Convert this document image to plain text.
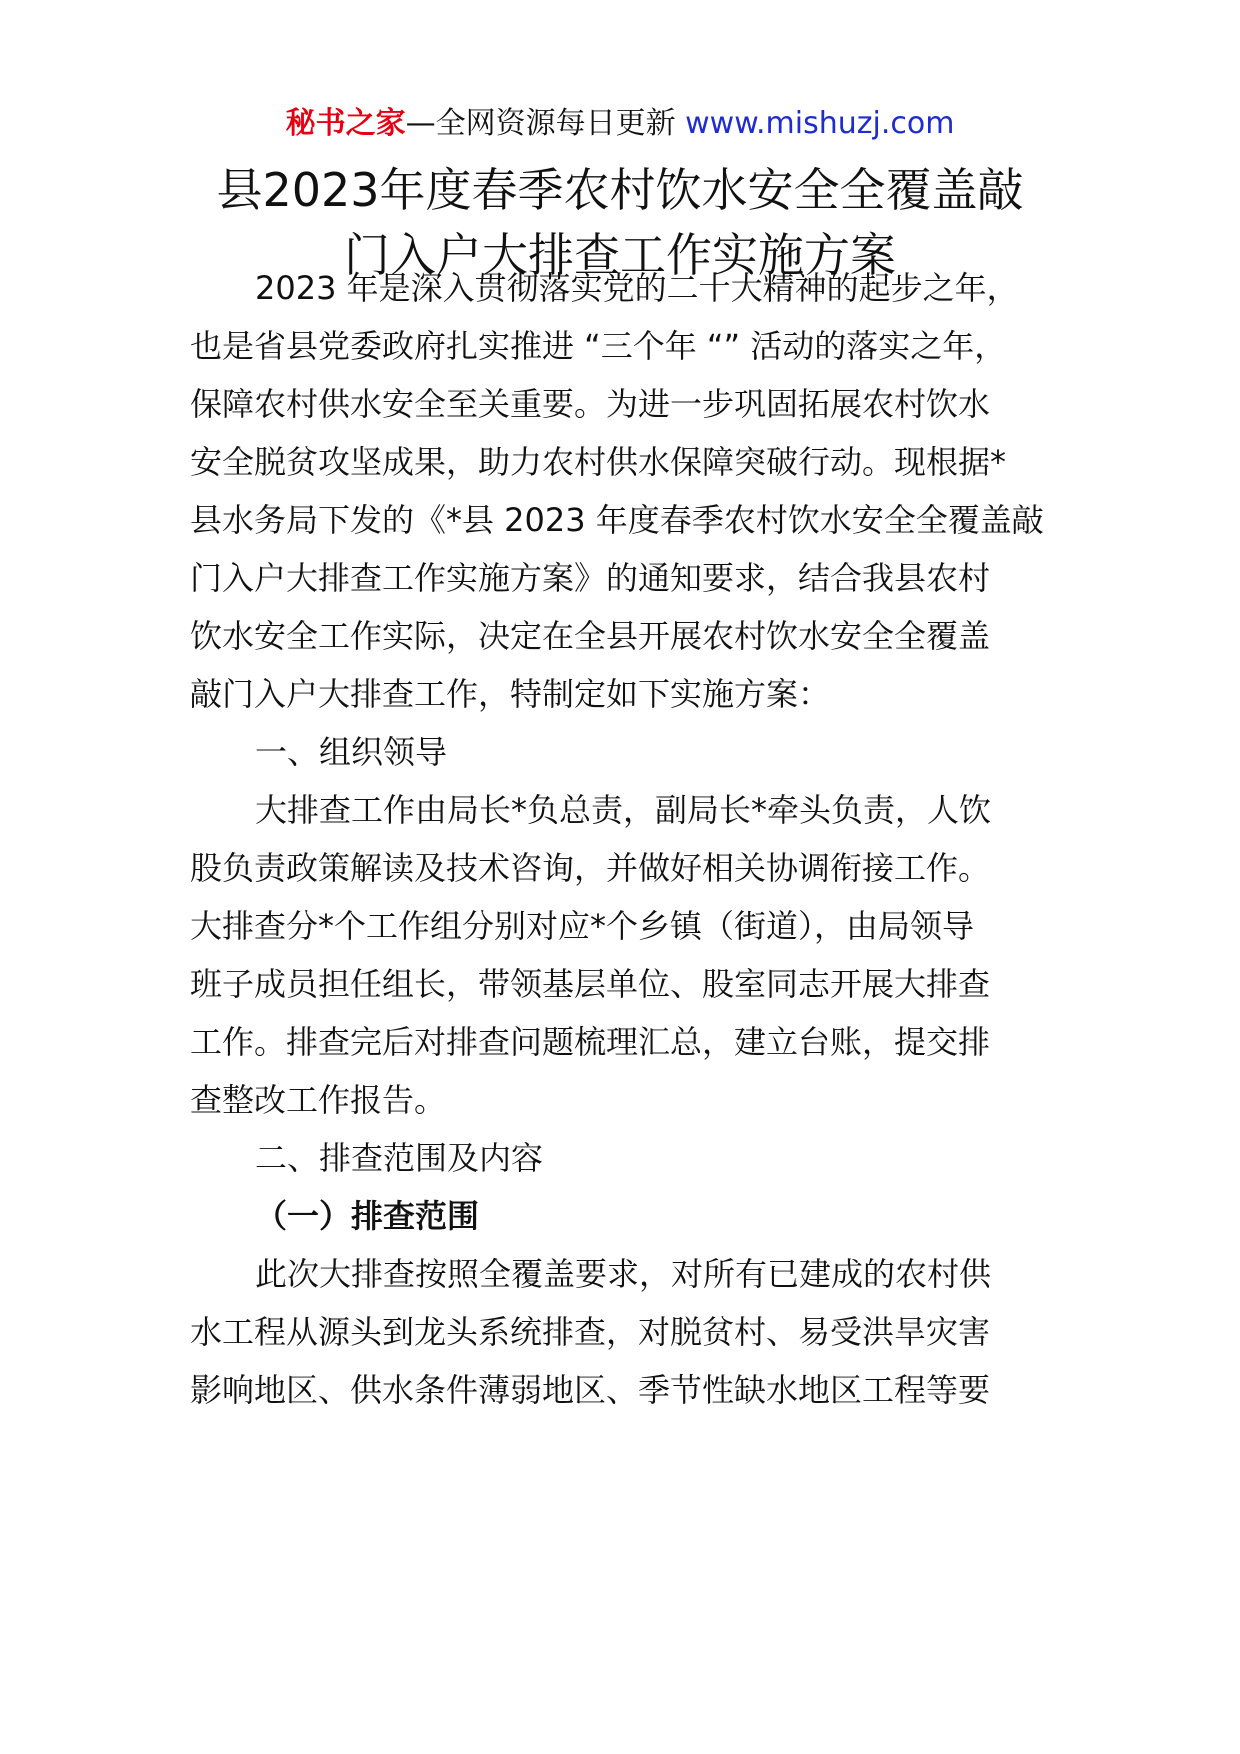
秘书之家—全网资源每日更新 www.mishuzj.com
县2023年度春季农村饮水安全全覆盖敲
门入户大排查工作实施方案
2023 年是深入贯彻落实党的二十大精神的起步之年，
也是省县党委政府扎实推进 “三个年 “” 活动的落实之年，
保障农村供水安全至关重要。为进一步巩固拓展农村饮水
安全脱贫攻坚成果，助力农村供水保障突破行动。现根据*
县水务局下发的《*县 2023 年度春季农村饮水安全全覆盖敲
门入户大排查工作实施方案》的通知要求，结合我县农村
饮水安全工作实际，决定在全县开展农村饮水安全全覆盖
敲门入户大排查工作，特制定如下实施方案：
一、组织领导
大排查工作由局长*负总责，副局长*牵头负责，人饮
股负责政策解读及技术咨询，并做好相关协调衔接工作。
大排查分*个工作组分别对应*个乡镇（街道），由局领导
班子成员担任组长，带领基层单位、股室同志开展大排查
工作。排查完后对排查问题梳理汇总，建立台账，提交排
查整改工作报告。
二、排查范围及内容
（一）排查范围
此次大排查按照全覆盖要求，对所有已建成的农村供
水工程从源头到龙头系统排查，对脱贫村、易受洪旱灾害
影响地区、供水条件薄弱地区、季节性缺水地区工程等要
